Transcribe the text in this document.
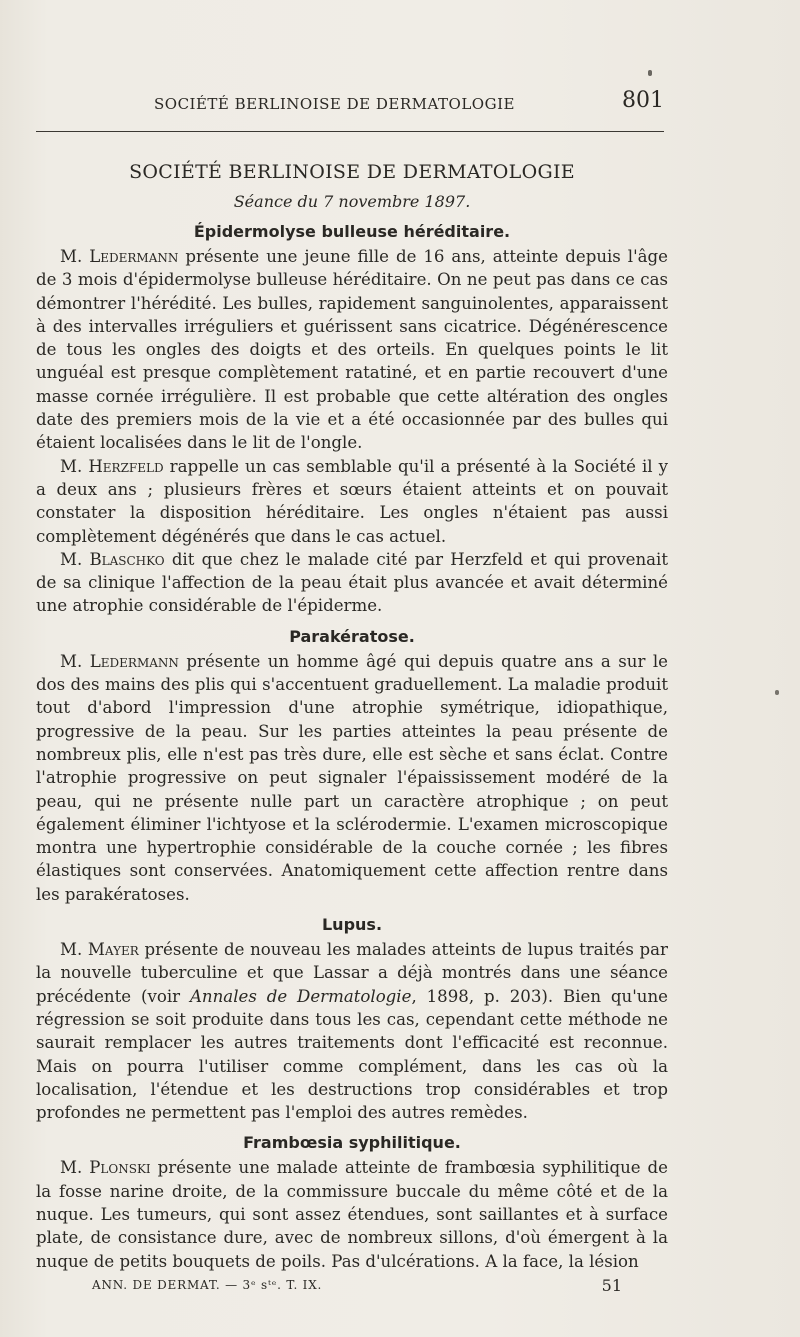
SOCIÉTÉ BERLINOISE DE DERMATOLOGIE	801
SOCIÉTÉ BERLINOISE DE DERMATOLOGIE
Séance du 7 novembre 1897.
Épidermolyse bulleuse héréditaire.

M. Ledermann présente une jeune fille de 16 ans, atteinte depuis l'âge de 3 mois d'épidermolyse bulleuse héréditaire. On ne peut pas dans ce cas démontrer l'hérédité. Les bulles, rapidement sanguinolentes, apparaissent à des intervalles irréguliers et guérissent sans cicatrice. Dégénérescence de tous les ongles des doigts et des orteils. En quelques points le lit unguéal est presque complètement ratatiné, et en partie recouvert d'une masse cornée irrégulière. Il est probable que cette altération des ongles date des premiers mois de la vie et a été occasionnée par des bulles qui étaient localisées dans le lit de l'ongle.

M. Herzfeld rappelle un cas semblable qu'il a présenté à la Société il y a deux ans ; plusieurs frères et sœurs étaient atteints et on pouvait constater la disposition héréditaire. Les ongles n'étaient pas aussi complètement dégénérés que dans le cas actuel.

M. Blaschko dit que chez le malade cité par Herzfeld et qui provenait de sa clinique l'affection de la peau était plus avancée et avait déterminé une atrophie considérable de l'épiderme.

Parakératose.

M. Ledermann présente un homme âgé qui depuis quatre ans a sur le dos des mains des plis qui s'accentuent graduellement. La maladie produit tout d'abord l'impression d'une atrophie symétrique, idiopathique, progressive de la peau. Sur les parties atteintes la peau présente de nombreux plis, elle n'est pas très dure, elle est sèche et sans éclat. Contre l'atrophie progressive on peut signaler l'épaississement modéré de la peau, qui ne présente nulle part un caractère atrophique ; on peut également éliminer l'ichtyose et la sclérodermie. L'examen microscopique montra une hypertrophie considérable de la couche cornée ; les fibres élastiques sont conservées. Anatomiquement cette affection rentre dans les parakératoses.

Lupus.

M. Mayer présente de nouveau les malades atteints de lupus traités par la nouvelle tuberculine et que Lassar a déjà montrés dans une séance précédente (voir Annales de Dermatologie, 1898, p. 203). Bien qu'une régression se soit produite dans tous les cas, cependant cette méthode ne saurait remplacer les autres traitements dont l'efficacité est reconnue. Mais on pourra l'utiliser comme complément, dans les cas où la localisation, l'étendue et les destructions trop considérables et trop profondes ne permettent pas l'emploi des autres remèdes.

Frambœsia syphilitique.

M. Plonski présente une malade atteinte de frambœsia syphilitique de la fosse narine droite, de la commissure buccale du même côté et de la nuque. Les tumeurs, qui sont assez étendues, sont saillantes et à surface plate, de consistance dure, avec de nombreux sillons, d'où émergent à la nuque de petits bouquets de poils. Pas d'ulcérations. A la face, la lésion

ANN. DE DERMAT. — 3ᵉ sᵗᵉ. T. IX.	51
